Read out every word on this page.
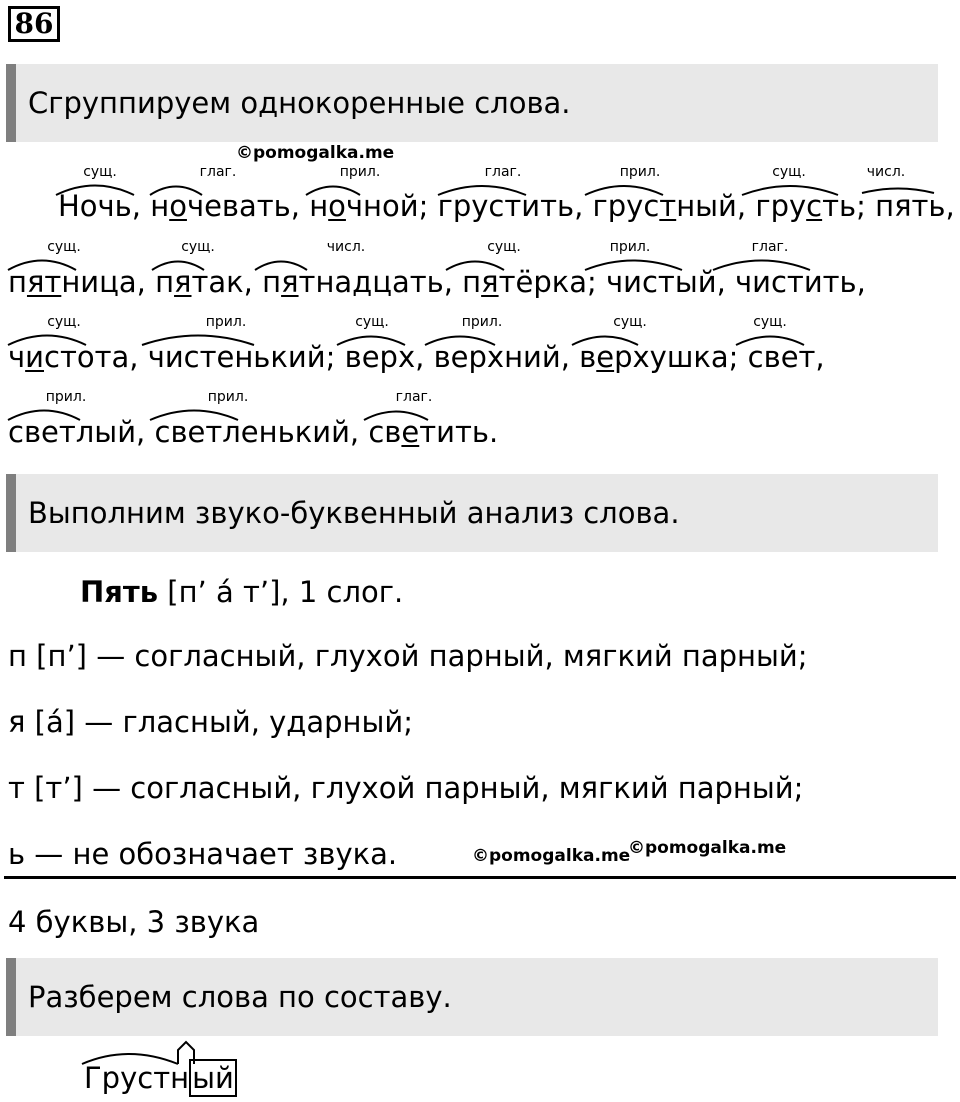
86
Сгруппируем однокоренные слова.
©pomogalka.me
сущ.	глаг.	прил.	глаг.	прил.	сущ.	числ.
Ночь, ночевать, ночной; грустить, грустный, грусть; пять,
сущ.	сущ.	числ.	сущ.	прил.	глаг.
пятница, пятак, пятнадцать, пятёрка; чистый, чистить,
сущ.	прил.	сущ.	прил.	сущ.	сущ.
чистота, чистенький; верх, верхний, верхушка; свет,
прил.	прил.	глаг.
светлый, светленький, светить.
Выполним звуко-буквенный анализ слова.
Пять [п’ а́ т’], 1 слог.
п [п’] — согласный, глухой парный, мягкий парный;
я [а́] — гласный, ударный;
т [т’] — согласный, глухой парный, мягкий парный;
ь — не обозначает звука.	©pomogalka.me
©pomogalka.me
4 буквы, 3 звука
Разберем слова по составу.
Грустн ый
